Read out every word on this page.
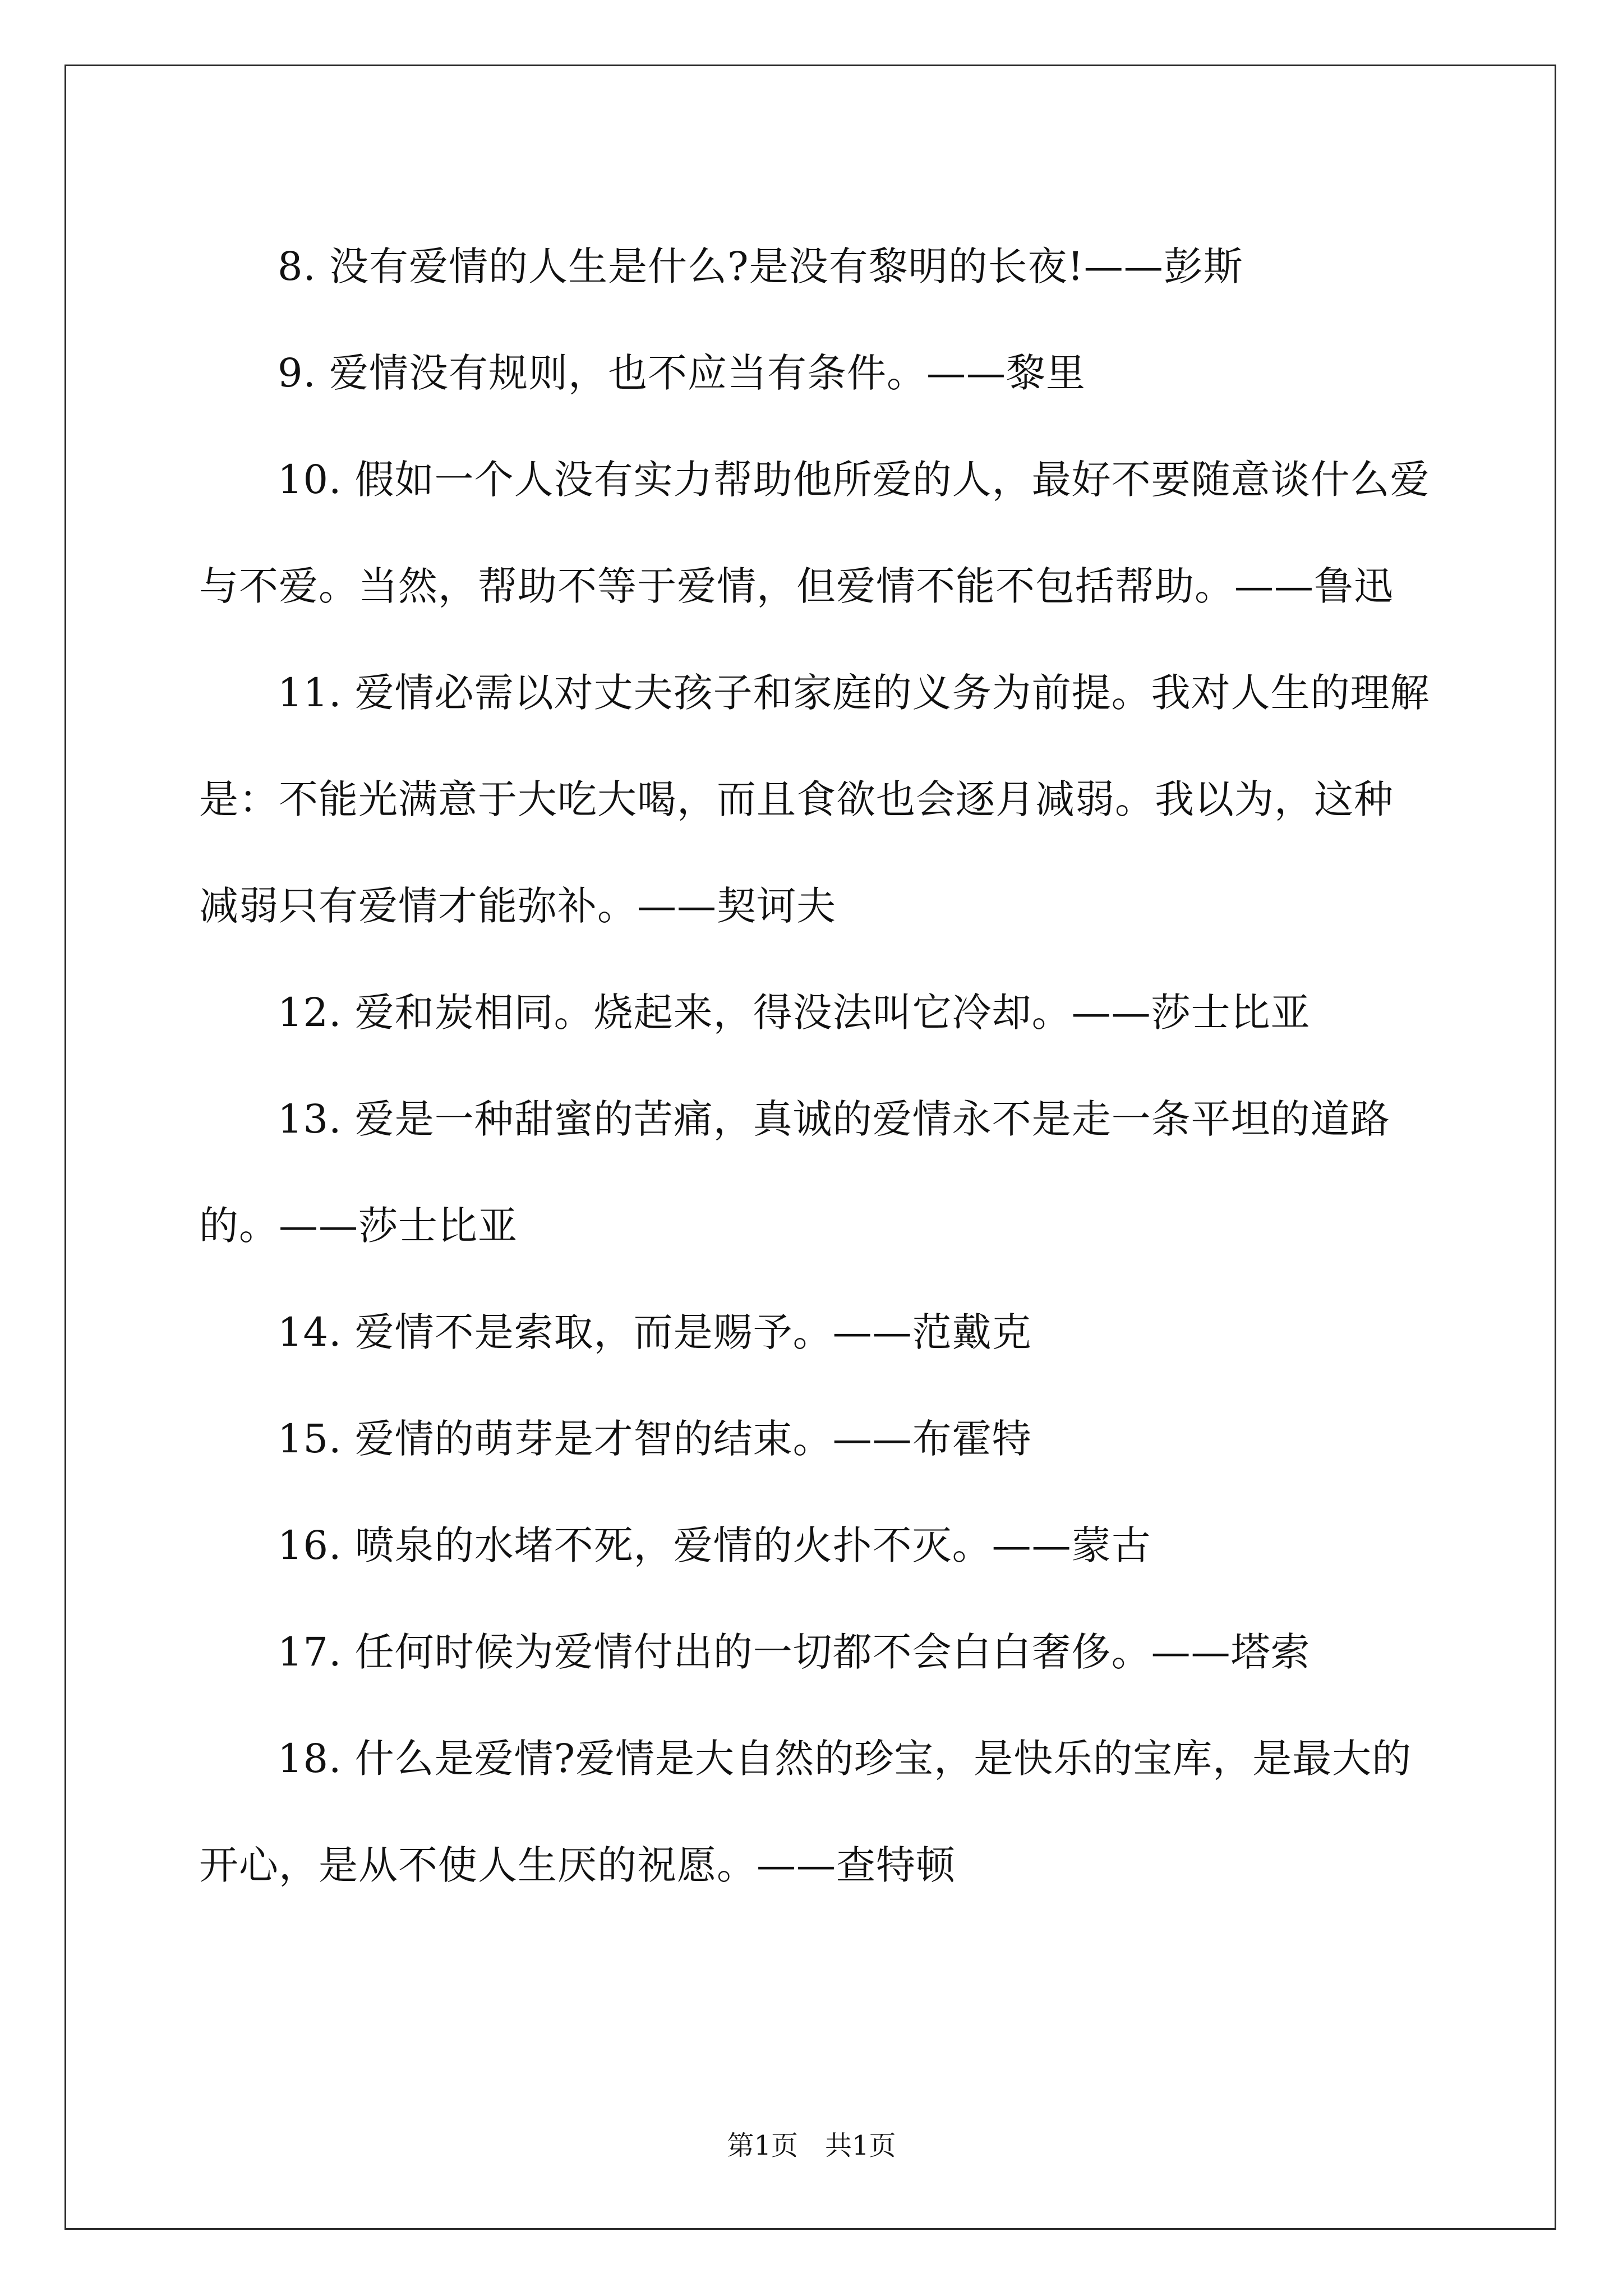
8. 没有爱情的人生是什么?是没有黎明的长夜!——彭斯

9. 爱情没有规则，也不应当有条件。——黎里

10. 假如一个人没有实力帮助他所爱的人，最好不要随意谈什么爱与不爱。当然，帮助不等于爱情，但爱情不能不包括帮助。——鲁迅

11. 爱情必需以对丈夫孩子和家庭的义务为前提。我对人生的理解是：不能光满意于大吃大喝，而且食欲也会逐月减弱。我以为，这种减弱只有爱情才能弥补。——契诃夫

12. 爱和炭相同。烧起来，得没法叫它冷却。——莎士比亚

13. 爱是一种甜蜜的苦痛，真诚的爱情永不是走一条平坦的道路的。——莎士比亚

14. 爱情不是索取，而是赐予。——范戴克

15. 爱情的萌芽是才智的结束。——布霍特

16. 喷泉的水堵不死，爱情的火扑不灭。——蒙古

17. 任何时候为爱情付出的一切都不会白白奢侈。——塔索

18. 什么是爱情?爱情是大自然的珍宝，是快乐的宝库，是最大的开心，是从不使人生厌的祝愿。——查特顿

第1页　共1页
